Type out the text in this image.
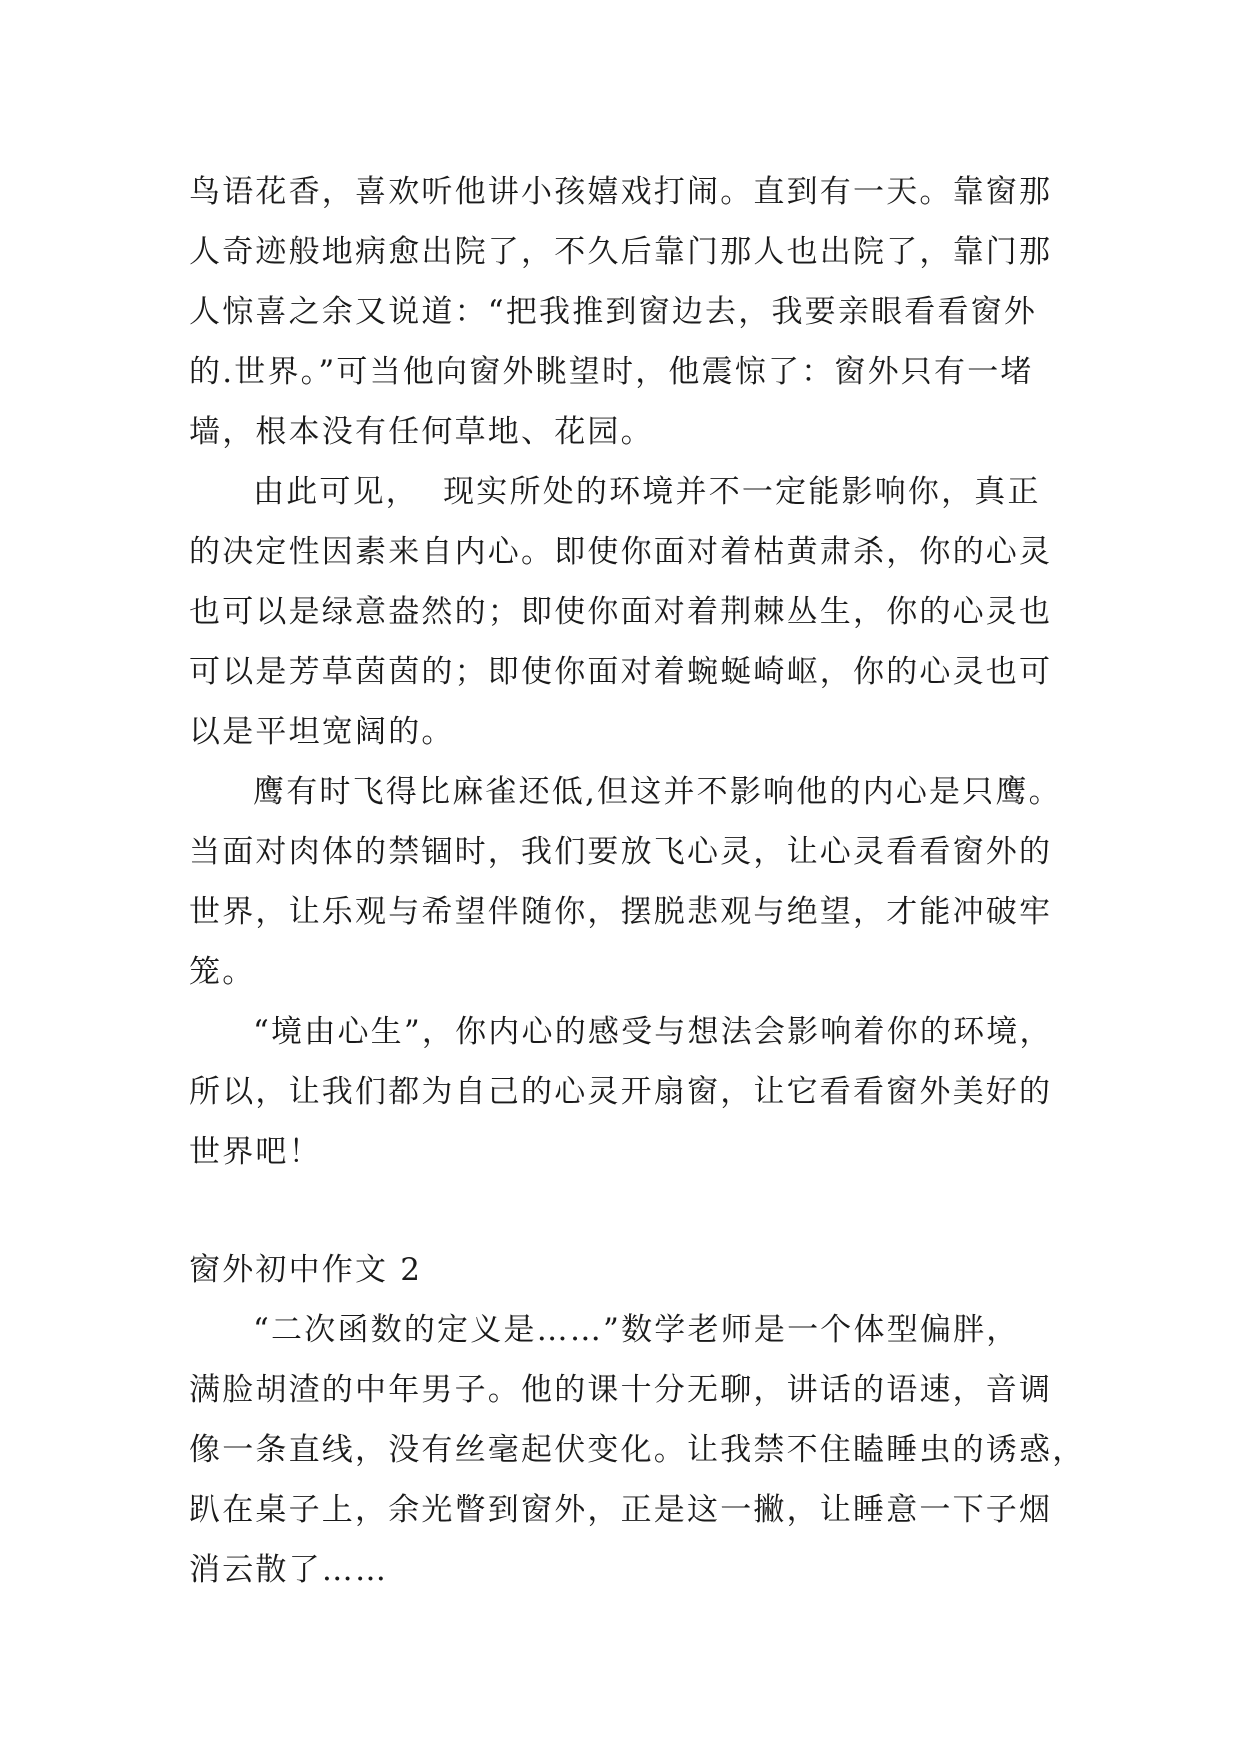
鸟语花香，喜欢听他讲小孩嬉戏打闹。直到有一天。靠窗那
人奇迹般地病愈出院了，不久后靠门那人也出院了，靠门那
人惊喜之余又说道：“把我推到窗边去，我要亲眼看看窗外
的.世界。”可当他向窗外眺望时，他震惊了：窗外只有一堵
墙，根本没有任何草地、花园。
由此可见，  现实所处的环境并不一定能影响你，真正
的决定性因素来自内心。即使你面对着枯黄肃杀，你的心灵
也可以是绿意盎然的；即使你面对着荆棘丛生，你的心灵也
可以是芳草茵茵的；即使你面对着蜿蜒崎岖，你的心灵也可
以是平坦宽阔的。
鹰有时飞得比麻雀还低,但这并不影响他的内心是只鹰。
当面对肉体的禁锢时，我们要放飞心灵，让心灵看看窗外的
世界，让乐观与希望伴随你，摆脱悲观与绝望，才能冲破牢
笼。
“境由心生”，你内心的感受与想法会影响着你的环境，
所以，让我们都为自己的心灵开扇窗，让它看看窗外美好的
世界吧！
窗外初中作文 2
“二次函数的定义是……”数学老师是一个体型偏胖，
满脸胡渣的中年男子。他的课十分无聊，讲话的语速，音调
像一条直线，没有丝毫起伏变化。让我禁不住瞌睡虫的诱惑，
趴在桌子上，余光瞥到窗外，正是这一撇，让睡意一下子烟
消云散了……
